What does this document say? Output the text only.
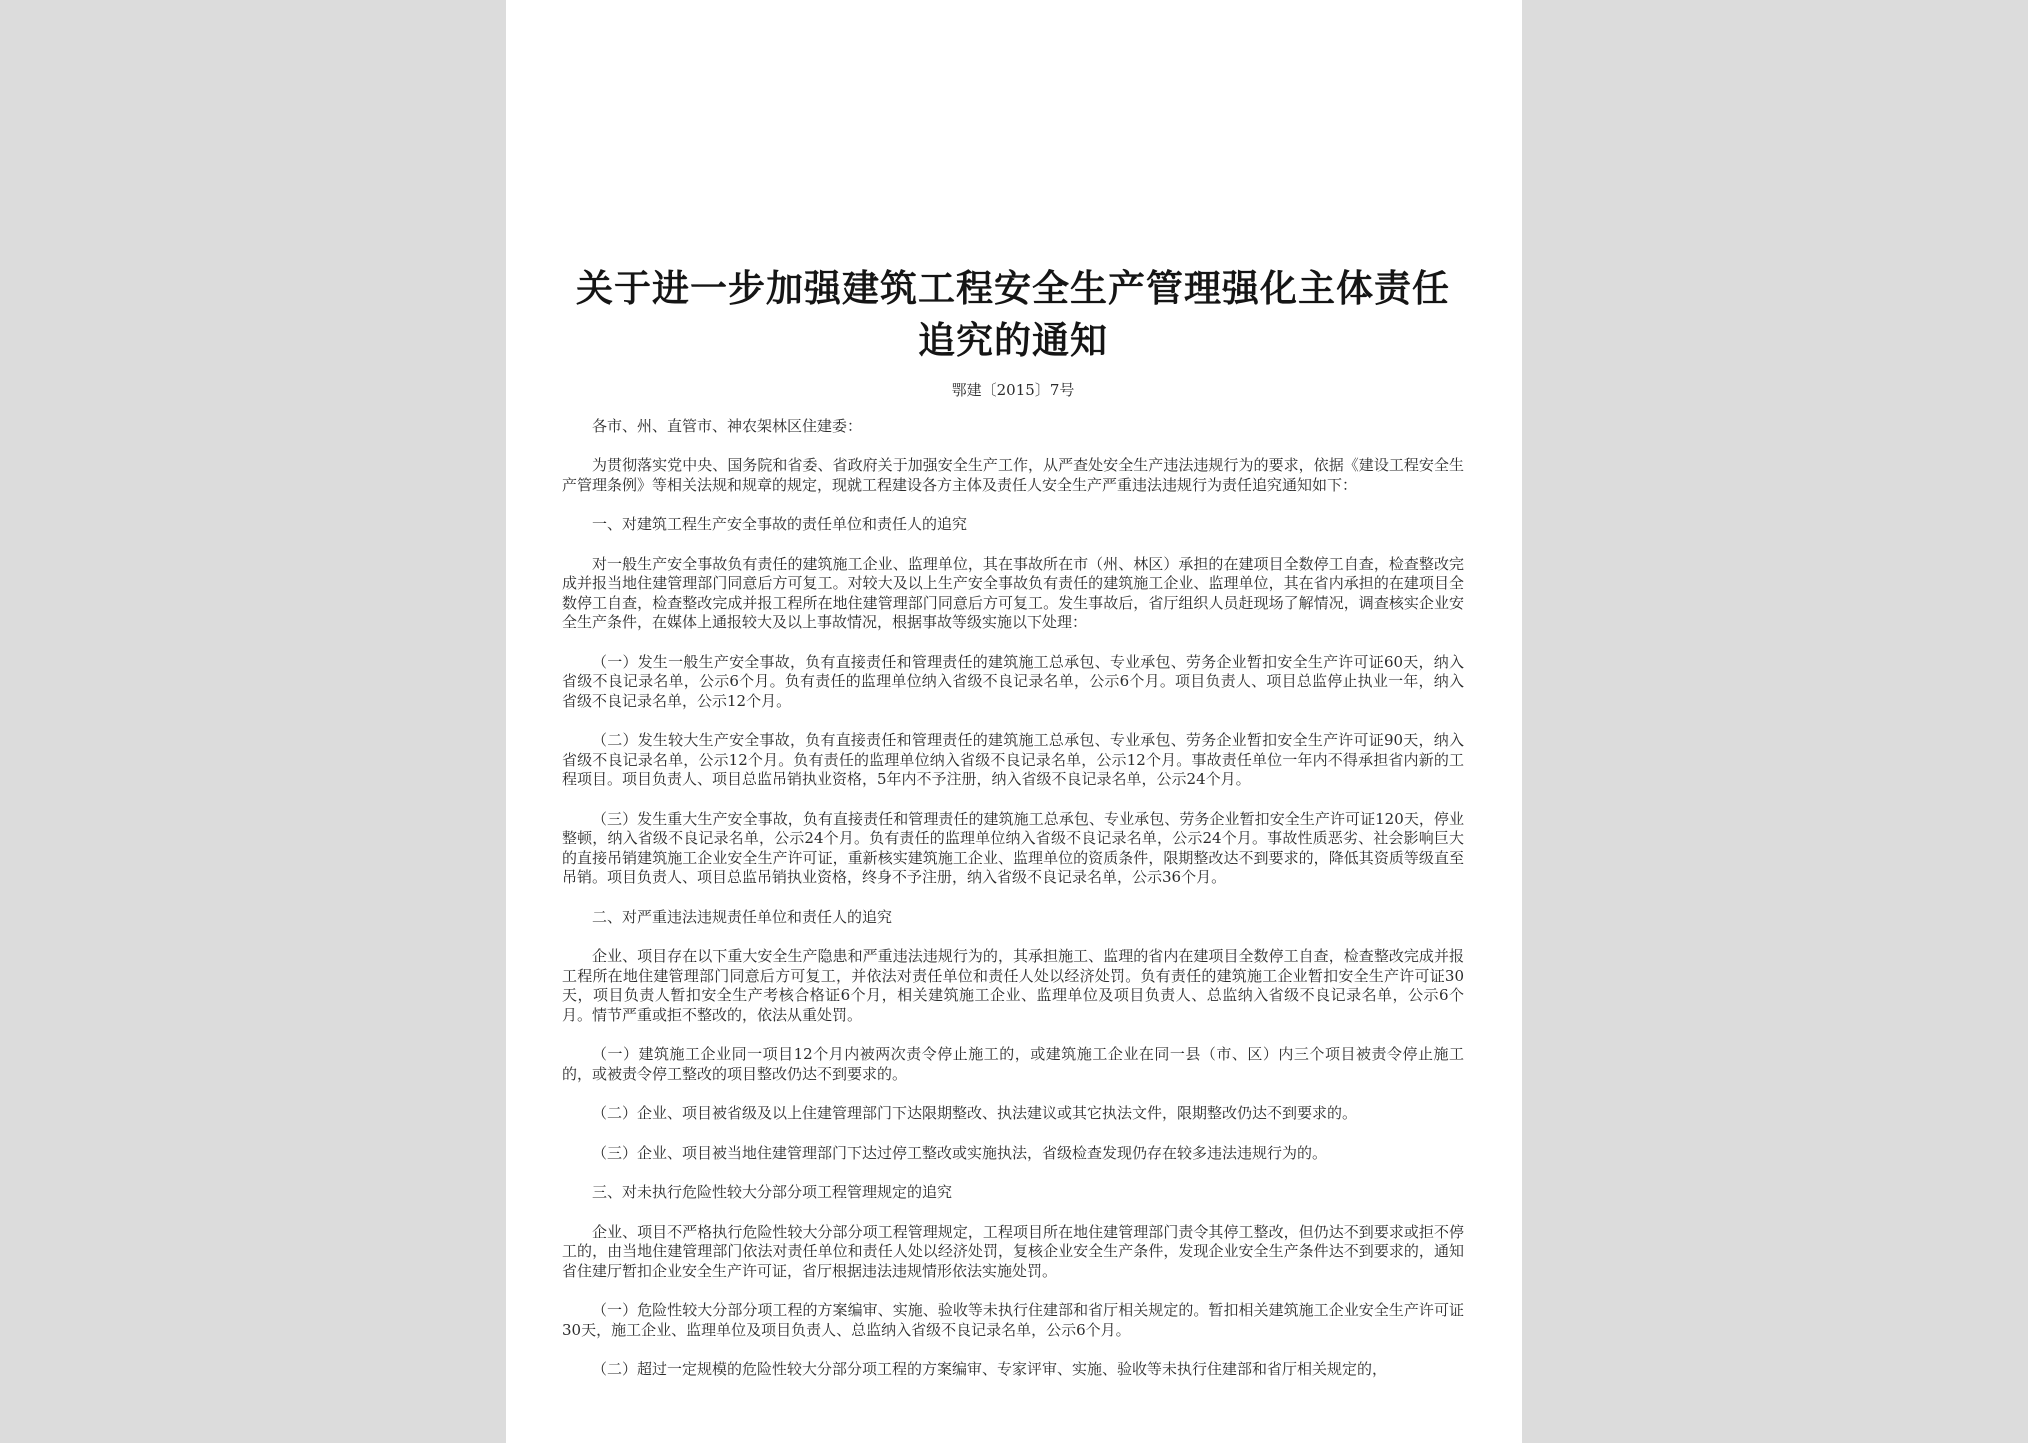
关于进一步加强建筑工程安全生产管理强化主体责任追究的通知
鄂建〔2015〕7号
各市、州、直管市、神农架林区住建委：

为贯彻落实党中央、国务院和省委、省政府关于加强安全生产工作，从严查处安全生产违法违规行为的要求，依据《建设工程安全生产管理条例》等相关法规和规章的规定，现就工程建设各方主体及责任人安全生产严重违法违规行为责任追究通知如下：

一、对建筑工程生产安全事故的责任单位和责任人的追究

对一般生产安全事故负有责任的建筑施工企业、监理单位，其在事故所在市（州、林区）承担的在建项目全数停工自查，检查整改完成并报当地住建管理部门同意后方可复工。对较大及以上生产安全事故负有责任的建筑施工企业、监理单位，其在省内承担的在建项目全数停工自查，检查整改完成并报工程所在地住建管理部门同意后方可复工。发生事故后，省厅组织人员赶现场了解情况，调查核实企业安全生产条件，在媒体上通报较大及以上事故情况，根据事故等级实施以下处理：

（一）发生一般生产安全事故，负有直接责任和管理责任的建筑施工总承包、专业承包、劳务企业暂扣安全生产许可证60天，纳入省级不良记录名单，公示6个月。负有责任的监理单位纳入省级不良记录名单，公示6个月。项目负责人、项目总监停止执业一年，纳入省级不良记录名单，公示12个月。

（二）发生较大生产安全事故，负有直接责任和管理责任的建筑施工总承包、专业承包、劳务企业暂扣安全生产许可证90天，纳入省级不良记录名单，公示12个月。负有责任的监理单位纳入省级不良记录名单，公示12个月。事故责任单位一年内不得承担省内新的工程项目。项目负责人、项目总监吊销执业资格，5年内不予注册，纳入省级不良记录名单，公示24个月。

（三）发生重大生产安全事故，负有直接责任和管理责任的建筑施工总承包、专业承包、劳务企业暂扣安全生产许可证120天，停业整顿，纳入省级不良记录名单，公示24个月。负有责任的监理单位纳入省级不良记录名单，公示24个月。事故性质恶劣、社会影响巨大的直接吊销建筑施工企业安全生产许可证，重新核实建筑施工企业、监理单位的资质条件，限期整改达不到要求的，降低其资质等级直至吊销。项目负责人、项目总监吊销执业资格，终身不予注册，纳入省级不良记录名单，公示36个月。

二、对严重违法违规责任单位和责任人的追究

企业、项目存在以下重大安全生产隐患和严重违法违规行为的，其承担施工、监理的省内在建项目全数停工自查，检查整改完成并报工程所在地住建管理部门同意后方可复工，并依法对责任单位和责任人处以经济处罚。负有责任的建筑施工企业暂扣安全生产许可证30天，项目负责人暂扣安全生产考核合格证6个月，相关建筑施工企业、监理单位及项目负责人、总监纳入省级不良记录名单，公示6个月。情节严重或拒不整改的，依法从重处罚。

（一）建筑施工企业同一项目12个月内被两次责令停止施工的，或建筑施工企业在同一县（市、区）内三个项目被责令停止施工的，或被责令停工整改的项目整改仍达不到要求的。

（二）企业、项目被省级及以上住建管理部门下达限期整改、执法建议或其它执法文件，限期整改仍达不到要求的。

（三）企业、项目被当地住建管理部门下达过停工整改或实施执法，省级检查发现仍存在较多违法违规行为的。

三、对未执行危险性较大分部分项工程管理规定的追究

企业、项目不严格执行危险性较大分部分项工程管理规定，工程项目所在地住建管理部门责令其停工整改，但仍达不到要求或拒不停工的，由当地住建管理部门依法对责任单位和责任人处以经济处罚，复核企业安全生产条件，发现企业安全生产条件达不到要求的，通知省住建厅暂扣企业安全生产许可证，省厅根据违法违规情形依法实施处罚。

（一）危险性较大分部分项工程的方案编审、实施、验收等未执行住建部和省厅相关规定的。暂扣相关建筑施工企业安全生产许可证30天，施工企业、监理单位及项目负责人、总监纳入省级不良记录名单，公示6个月。

（二）超过一定规模的危险性较大分部分项工程的方案编审、专家评审、实施、验收等未执行住建部和省厅相关规定的，
